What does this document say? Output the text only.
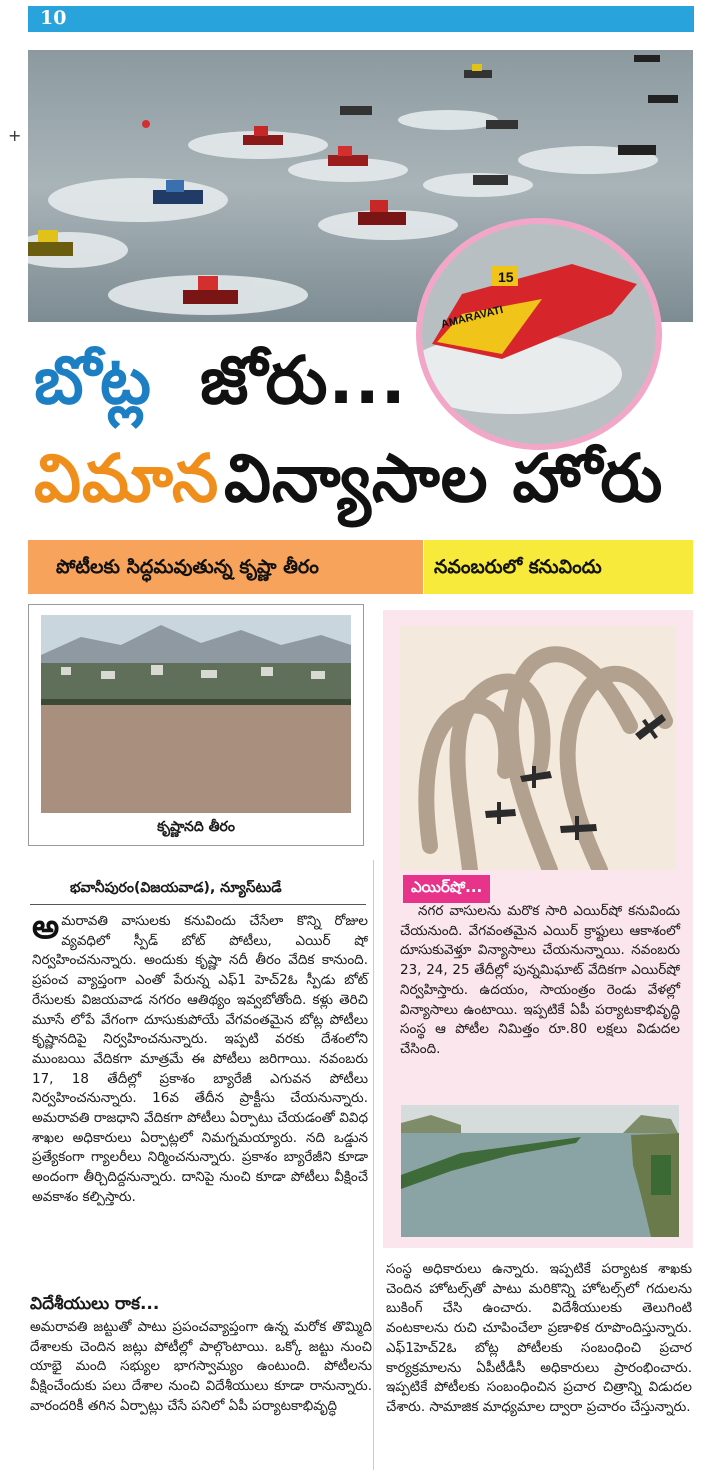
10
+
15
AMARAVATI
బోట్ల జోరు...
విమాన విన్యాసాల హోరు
పోటీలకు సిద్ధమవుతున్న కృష్ణా తీరం	నవంబరులో కనువిందు
కృష్ణానది తీరం
భవానీపురం(విజయవాడ), న్యూస్‌టుడే

అమరావతి వాసులకు కనువిందు చేసేలా కొన్ని రోజుల వ్యవధిలో స్పీడ్ బోట్ పోటీలు, ఎయిర్ షో నిర్వహించనున్నారు. అందుకు కృష్ణా నదీ తీరం వేదిక కానుంది. ప్రపంచ వ్యాప్తంగా ఎంతో పేరున్న ఎఫ్1 హెచ్2ఓ స్పీడు బోట్ రేసులకు విజయవాడ నగరం ఆతిథ్యం ఇవ్వబోతోంది. కళ్లు తెరిచి మూసే లోపే వేగంగా దూసుకుపోయే వేగవంతమైన బోట్ల పోటీలు కృష్ణానదిపై నిర్వహించనున్నారు. ఇప్పటి వరకు దేశంలోని ముంబయి వేదికగా మాత్రమే ఈ పోటీలు జరిగాయి. నవంబరు 17, 18 తేదీల్లో ప్రకాశం బ్యారేజీ ఎగువన పోటీలు నిర్వహించనున్నారు. 16వ తేదీన ప్రాక్టీసు చేయనున్నారు. అమరావతి రాజధాని వేదికగా పోటీలు ఏర్పాటు చేయడంతో వివిధ శాఖల అధికారులు ఏర్పాట్లలో నిమగ్నమయ్యారు. నది ఒడ్డున ప్రత్యేకంగా గ్యాలరీలు నిర్మించనున్నారు. ప్రకాశం బ్యారేజీని కూడా అందంగా తీర్చిదిద్దనున్నారు. దానిపై నుంచి కూడా పోటీలు వీక్షించే అవకాశం కల్పిస్తారు.

విదేశీయులు రాక...

అమరావతి జట్టుతో పాటు ప్రపంచవ్యాప్తంగా ఉన్న మరోక తొమ్మిది దేశాలకు చెందిన జట్లు పోటీల్లో పాల్గొంటాయి. ఒక్కో జట్టు నుంచి యాభై మంది సభ్యుల భాగస్వామ్యం ఉంటుంది. పోటీలను వీక్షించేందుకు పలు దేశాల నుంచి విదేశీయులు కూడా రానున్నారు. వారందరికీ తగిన ఏర్పాట్లు చేసే పనిలో ఏపీ పర్యాటకాభివృద్ధి

ఎయిర్‌షో...

నగర వాసులను మరొక సారి ఎయిర్‌షో కనువిందు చేయనుంది. వేగవంతమైన ఎయిర్ క్రాఫ్టులు ఆకాశంలో దూసుకువెళ్తూ విన్యాసాలు చేయనున్నాయి. నవంబరు 23, 24, 25 తేదీల్లో పున్నమిఘాట్ వేదికగా ఎయిర్‌షో నిర్వహిస్తారు. ఉదయం, సాయంత్రం రెండు వేళల్లో విన్యాసాలు ఉంటాయి. ఇప్పటికే ఏపీ పర్యాటకాభివృద్ధి సంస్థ ఆ పోటీల నిమిత్తం రూ.80 లక్షలు విడుదల చేసింది.

సంస్థ అధికారులు ఉన్నారు. ఇప్పటికే పర్యాటక శాఖకు చెందిన హోటల్స్‌తో పాటు మరికొన్ని హోటల్స్‌లో గదులను బుకింగ్ చేసి ఉంచారు. విదేశీయులకు తెలుగింటి వంటకాలను రుచి చూపించేలా ప్రణాళిక రూపొందిస్తున్నారు. ఎఫ్1హెచ్2ఓ బోట్ల పోటీలకు సంబంధించి ప్రచార కార్యక్రమాలను ఏపీటీడీసీ అధికారులు ప్రారంభించారు. ఇప్పటికే పోటీలకు సంబంధించిన ప్రచార చిత్రాన్ని విడుదల చేశారు. సామాజిక మాధ్యమాల ద్వారా ప్రచారం చేస్తున్నారు.
